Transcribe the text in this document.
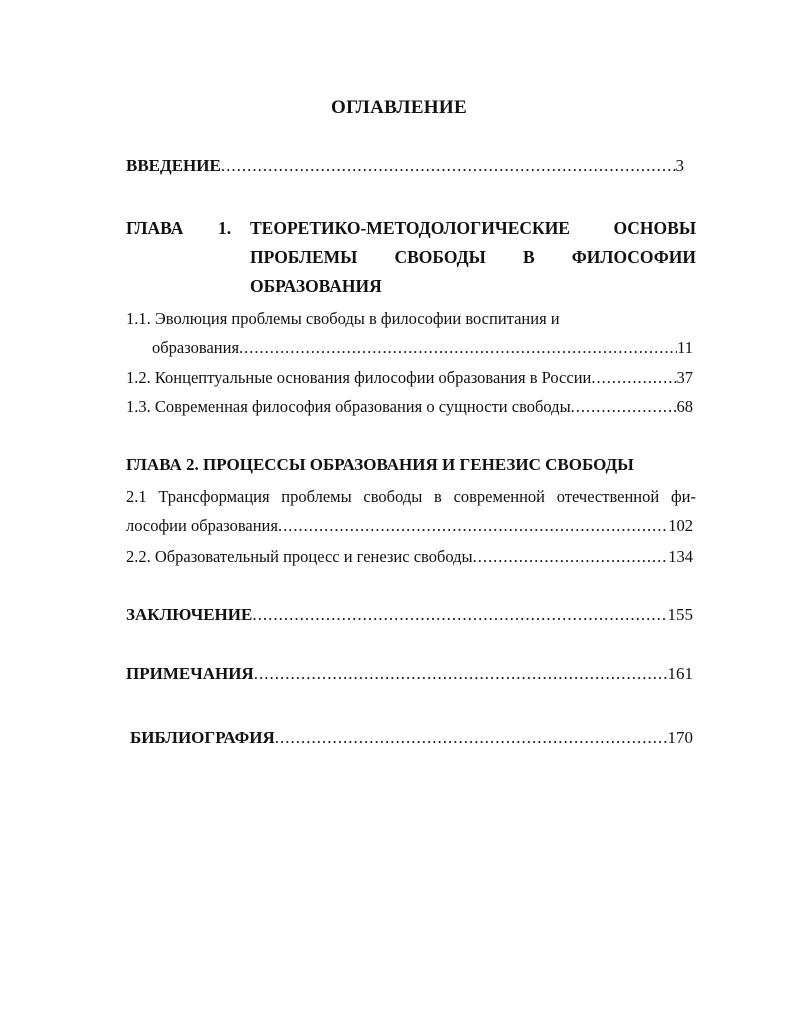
ОГЛАВЛЕНИЕ
ВВЕДЕНИЕ .....	3
ГЛАВА 1. ТЕОРЕТИКО-МЕТОДОЛОГИЧЕСКИЕ ОСНОВЫ
ПРОБЛЕМЫ СВОБОДЫ В ФИЛОСОФИИ
ОБРАЗОВАНИЯ
1.1. Эволюция проблемы свободы в философии воспитания и
образования .....	11
1.2. Концептуальные основания философии образования в России .....	37
1.3. Современная философия образования о сущности свободы .....	68
ГЛАВА 2. ПРОЦЕССЫ ОБРАЗОВАНИЯ И ГЕНЕЗИС СВОБОДЫ
2.1 Трансформация проблемы свободы в современной отечественной фи-
лософии образования .....	102
2.2. Образовательный процесс и генезис свободы .....	134
ЗАКЛЮЧЕНИЕ .....	155
ПРИМЕЧАНИЯ .....	161
БИБЛИОГРАФИЯ .....	170
